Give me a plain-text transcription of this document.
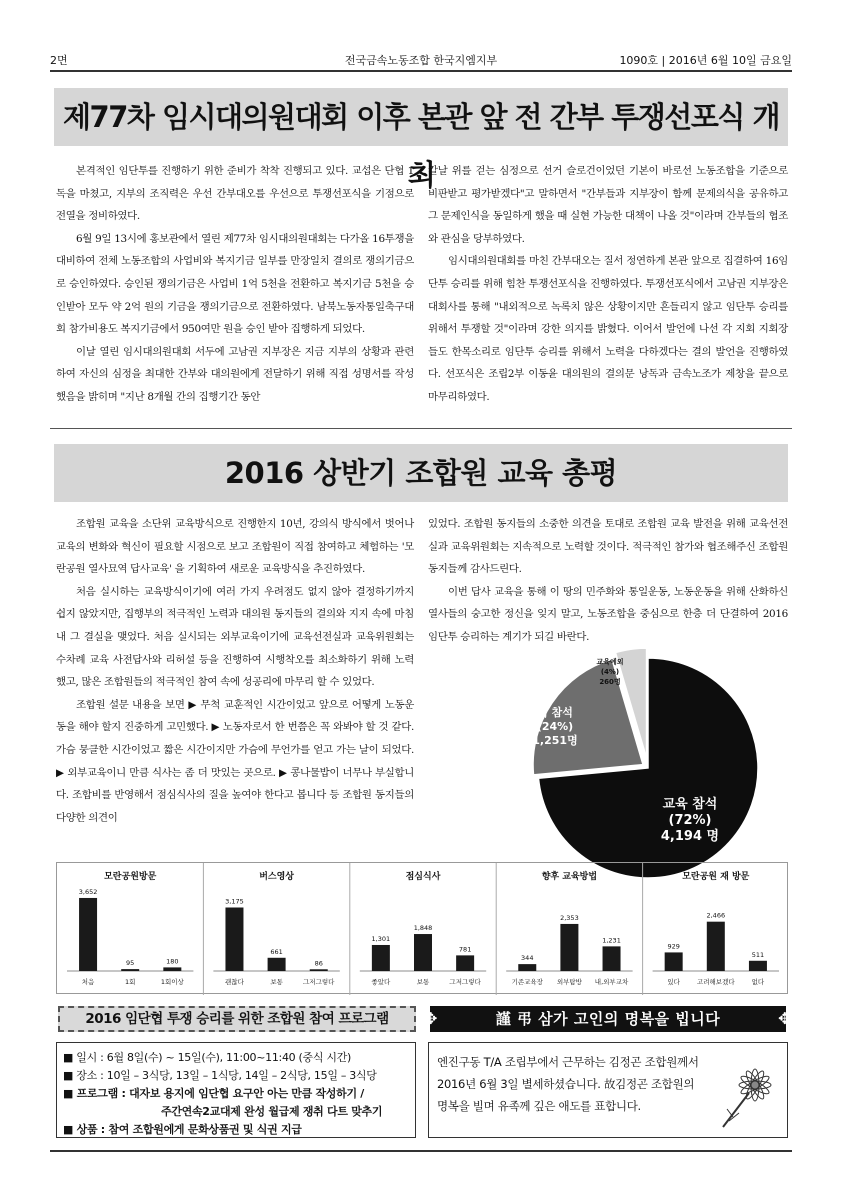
2면	전국금속노동조합 한국지엠지부	1090호 | 2016년 6월 10일 금요일
제77차 임시대의원대회 이후 본관 앞 전 간부 투쟁선포식 개최

본격적인 임단투를 진행하기 위한 준비가 착착 진행되고 있다. 교섭은 단협 1독을 마쳤고, 지부의 조직력은 우선 간부대오를 우선으로 투쟁선포식을 기점으로 전열을 정비하였다.

6월 9일 13시에 홍보관에서 열린 제77차 임시대의원대회는 다가올 16투쟁을 대비하여 전체 노동조합의 사업비와 복지기금 일부를 만장일치 결의로 쟁의기금으로 승인하였다. 승인된 쟁의기금은 사업비 1억 5천을 전환하고 복지기금 5천을 승인받아 모두 약 2억 원의 기금을 쟁의기금으로 전환하였다. 남북노동자통일축구대회 참가비용도 복지기금에서 950여만 원을 승인 받아 집행하게 되었다.

이날 열린 임시대의원대회 서두에 고남권 지부장은 지금 지부의 상황과 관련하여 자신의 심정을 최대한 간부와 대의원에게 전달하기 위해 직접 성명서를 작성했음을 밝히며 "지난 8개월 간의 집행기간 동안

칼날 위를 걷는 심정으로 선거 슬로건이었던 기본이 바로선 노동조합을 기준으로 비판받고 평가받겠다"고 말하면서 "간부들과 지부장이 함께 문제의식을 공유하고 그 문제인식을 동일하게 했을 때 실현 가능한 대책이 나올 것"이라며 간부들의 협조와 관심을 당부하였다.

임시대의원대회를 마친 간부대오는 질서 정연하게 본관 앞으로 집결하여 16임단투 승리를 위해 힘찬 투쟁선포식을 진행하였다. 투쟁선포식에서 고남권 지부장은 대회사를 통해 "내외적으로 녹록치 않은 상황이지만 흔들리지 않고 임단투 승리를 위해서 투쟁할 것"이라며 강한 의지를 밝혔다. 이어서 발언에 나선 각 지회 지회장들도 한목소리로 임단투 승리를 위해서 노력을 다하겠다는 결의 발언을 진행하였다. 선포식은 조립2부 이동윤 대의원의 결의문 낭독과 금속노조가 제창을 끝으로 마무리하였다.

2016 상반기 조합원 교육 총평

조합원 교육을 소단위 교육방식으로 진행한지 10년, 강의식 방식에서 벗어나 교육의 변화와 혁신이 필요할 시점으로 보고 조합원이 직접 참여하고 체험하는 '모란공원 열사묘역 답사교육' 을 기획하여 새로운 교육방식을 추진하였다.

처음 실시하는 교육방식이기에 여러 가지 우려점도 없지 않아 결정하기까지 쉽지 않았지만, 집행부의 적극적인 노력과 대의원 동지들의 결의와 지지 속에 마침내 그 결실을 맺었다. 처음 실시되는 외부교육이기에 교육선전실과 교육위원회는 수차례 교육 사전답사와 리허설 등을 진행하여 시행착오를 최소화하기 위해 노력했고, 많은 조합원들의 적극적인 참여 속에 성공리에 마무리 할 수 있었다.

조합원 설문 내용을 보면 ▶ 무척 교훈적인 시간이었고 앞으로 어떻게 노동운동을 해야 할지 진중하게 고민했다. ▶ 노동자로서 한 번쯤은 꼭 와봐야 할 것 같다. 가슴 뭉클한 시간이었고 짧은 시간이지만 가슴에 무언가를 얻고 가는 날이 되었다. ▶ 외부교육이니 만큼 식사는 좀 더 맛있는 곳으로. ▶ 콩나물밥이 너무나 부실합니다. 조합비를 반영해서 점심식사의 질을 높여야 한다고 봅니다 등 조합원 동지들의 다양한 의견이

있었다. 조합원 동지들의 소중한 의견을 토대로 조합원 교육 발전을 위해 교육선전실과 교육위원회는 지속적으로 노력할 것이다. 적극적인 참가와 협조해주신 조합원 동지들께 감사드린다.

이번 답사 교육을 통해 이 땅의 민주화와 통일운동, 노동운동을 위해 산화하신 열사들의 숭고한 정신을 잊지 말고, 노동조합을 중심으로 한층 더 단결하여 2016 임단투 승리하는 계기가 되길 바란다.

교육 참석
(72%)
4,194 명
미 참석
(24%)
1,251명
교육예외
(4%)
260명
모란공원방문
3,652
처음
95
1회
180
1회이상
버스영상
3,175
괜찮다
661
보통
86
그저그렇다
점심식사
1,301
좋았다
1,848
보통
781
그저그렇다
향후 교육방법
344
기존교육장
2,353
외부탐방
1,231
내,외부교차
모란공원 재 방문
929
있다
2,466
고려해보겠다
511
없다
2016 임단협 투쟁 승리를 위한 조합원 참여 프로그램
■ 일시 : 6월 8일(수) ~ 15일(수), 11:00~11:40 (중식 시간)
■ 장소 : 10일 – 3식당, 13일 – 1식당, 14일 – 2식당, 15일 – 3식당
■ 프로그램 : 대자보 용지에 임단협 요구안 아는 만큼 작성하기 /
주간연속2교대제 완성 월급제 쟁취 다트 맞추기
■ 상품 : 참여 조합원에게 문화상품권 및 식권 지급
✥	謹 弔 삼가 고인의 명복을 빕니다	✥
엔진구동 T/A 조립부에서 근무하는 김정곤 조합원께서 2016년 6월 3일 별세하셨습니다. 故김정곤 조합원의 명복을 빌며 유족께 깊은 애도를 표합니다.
